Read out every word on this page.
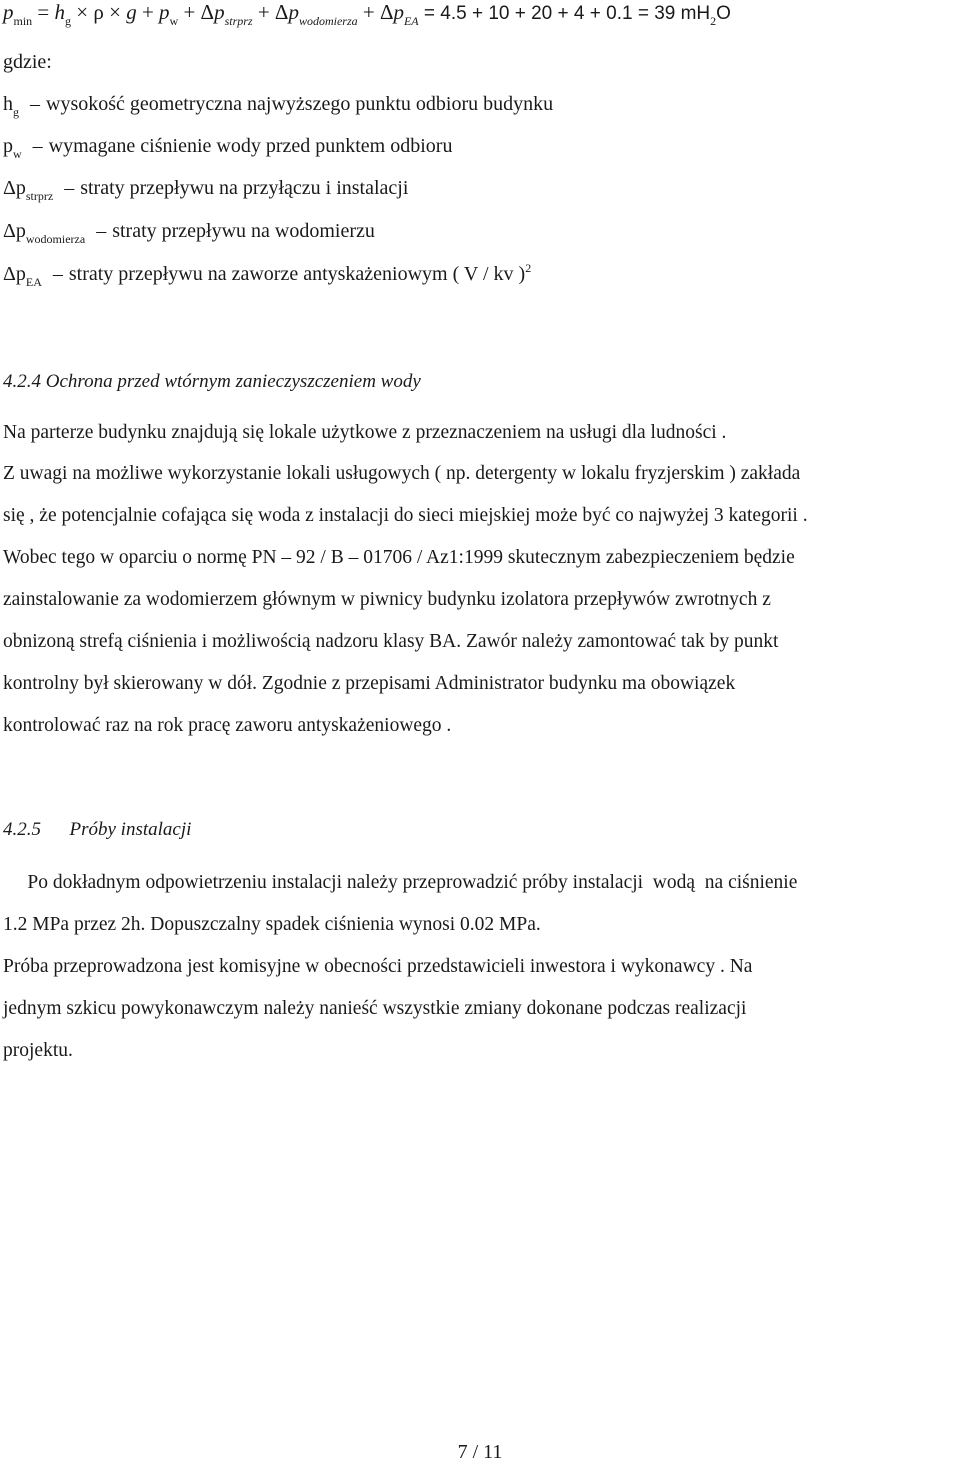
$p_{min} = h_g \times \rho \times g + p_w + \Delta p_{strprz} + \Delta p_{wodomierza} + \Delta p_{EA} = 4.5 + 10 + 20 + 4 + 0.1 = 39$ $mH_2O$
gdzie:
$h_g$ – wysokość geometryczna najwyższego punktu odbioru budynku
$p_w$ – wymagane ciśnienie wody przed punktem odbioru
$\Delta p_{strprz}$ – straty przepływu na przyłączu i instalacji
$\Delta p_{wodomierza}$ – straty przepływu na wodomierzu
$\Delta p_{EA}$ – straty przepływu na zaworze antyskażeniowym ( V / kv )$^2$
4.2.4 Ochrona przed wtórnym zanieczyszczeniem wody
Na parterze budynku znajdują się lokale użytkowe z przeznaczeniem na usługi dla ludności .
Z uwagi na możliwe wykorzystanie lokali usługowych ( np. detergenty w lokalu fryzjerskim ) zakłada
się , że potencjalnie cofająca się woda z instalacji do sieci miejskiej może być co najwyżej 3 kategorii .
Wobec tego w oparciu o normę PN – 92 / B – 01706 / Az1:1999 skutecznym zabezpieczeniem będzie
zainstalowanie za wodomierzem głównym w piwnicy budynku izolatora przepływów zwrotnych z
obnizoną strefą ciśnienia i możliwością nadzoru klasy BA. Zawór należy zamontować tak by punkt
kontrolny był skierowany w dół. Zgodnie z przepisami Administrator budynku ma obowiązek
kontrolować raz na rok pracę zaworu antyskażeniowego .
4.2.5      Próby instalacji
Po dokładnym odpowietrzeniu instalacji należy przeprowadzić próby instalacji  wodą  na ciśnienie
1.2 MPa przez 2h. Dopuszczalny spadek ciśnienia wynosi 0.02 MPa.
Próba przeprowadzona jest komisyjne w obecności przedstawicieli inwestora i wykonawcy . Na
jednym szkicu powykonawczym należy nanieść wszystkie zmiany dokonane podczas realizacji
projektu.
7 / 11
